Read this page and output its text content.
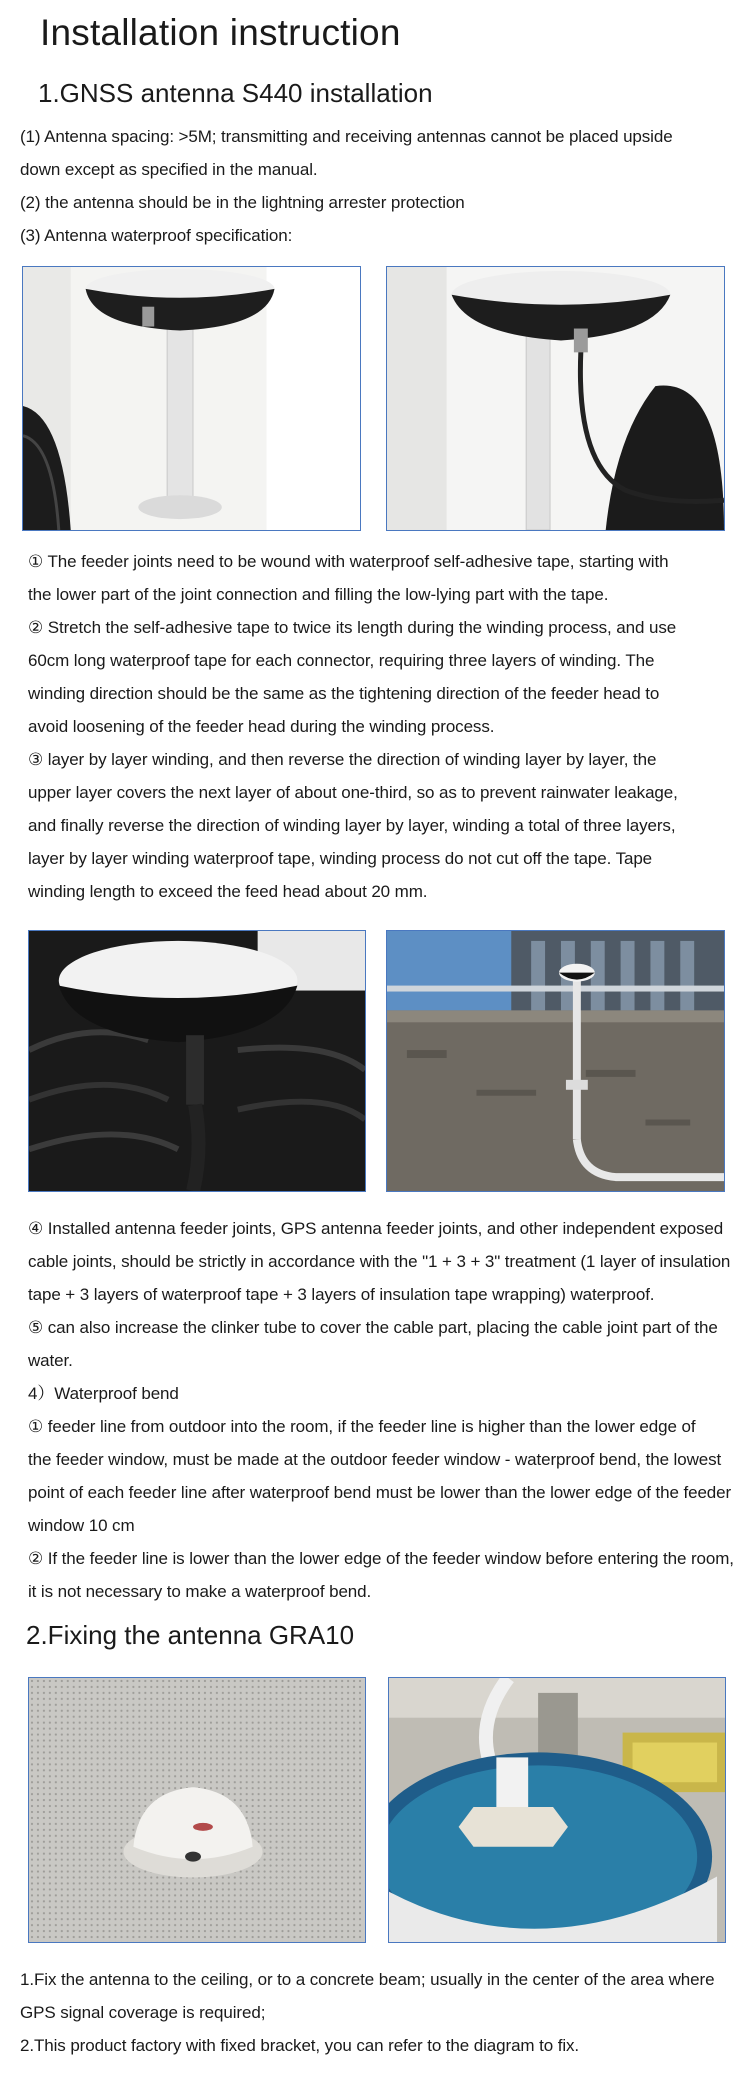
Installation instruction
1.GNSS antenna S440 installation
(1) Antenna spacing: >5M; transmitting and receiving antennas cannot be placed upside
down except as specified in the manual.
(2) the antenna should be in the lightning arrester protection
(3) Antenna waterproof specification:
① The feeder joints need to be wound with waterproof self-adhesive tape, starting with
the lower part of the joint connection and filling the low-lying part with the tape.
② Stretch the self-adhesive tape to twice its length during the winding process, and use
60cm long waterproof tape for each connector, requiring three layers of winding. The
winding direction should be the same as the tightening direction of the feeder head to
avoid loosening of the feeder head during the winding process.
③ layer by layer winding, and then reverse the direction of winding layer by layer, the
upper layer covers the next layer of about one-third, so as to prevent rainwater leakage,
and finally reverse the direction of winding layer by layer, winding a total of three layers,
layer by layer winding waterproof tape, winding process do not cut off the tape. Tape
winding length to exceed the feed head about 20 mm.
④ Installed antenna feeder joints, GPS antenna feeder joints, and other independent exposed
cable joints, should be strictly in accordance with the "1 + 3 + 3" treatment (1 layer of insulation
tape + 3 layers of waterproof tape + 3 layers of insulation tape wrapping) waterproof.
⑤ can also increase the clinker tube to cover the cable part, placing the cable joint part of the
water.
4）Waterproof bend
① feeder line from outdoor into the room, if the feeder line is higher than the lower edge of
the feeder window, must be made at the outdoor feeder window - waterproof bend, the lowest
point of each feeder line after waterproof bend must be lower than the lower edge of the feeder
window 10 cm
② If the feeder line is lower than the lower edge of the feeder window before entering the room,
it is not necessary to make a waterproof bend.
2.Fixing the antenna GRA10
1.Fix the antenna to the ceiling, or to a concrete beam; usually in the center of the area where
GPS signal coverage is required;
2.This product factory with fixed bracket, you can refer to the diagram to fix.
